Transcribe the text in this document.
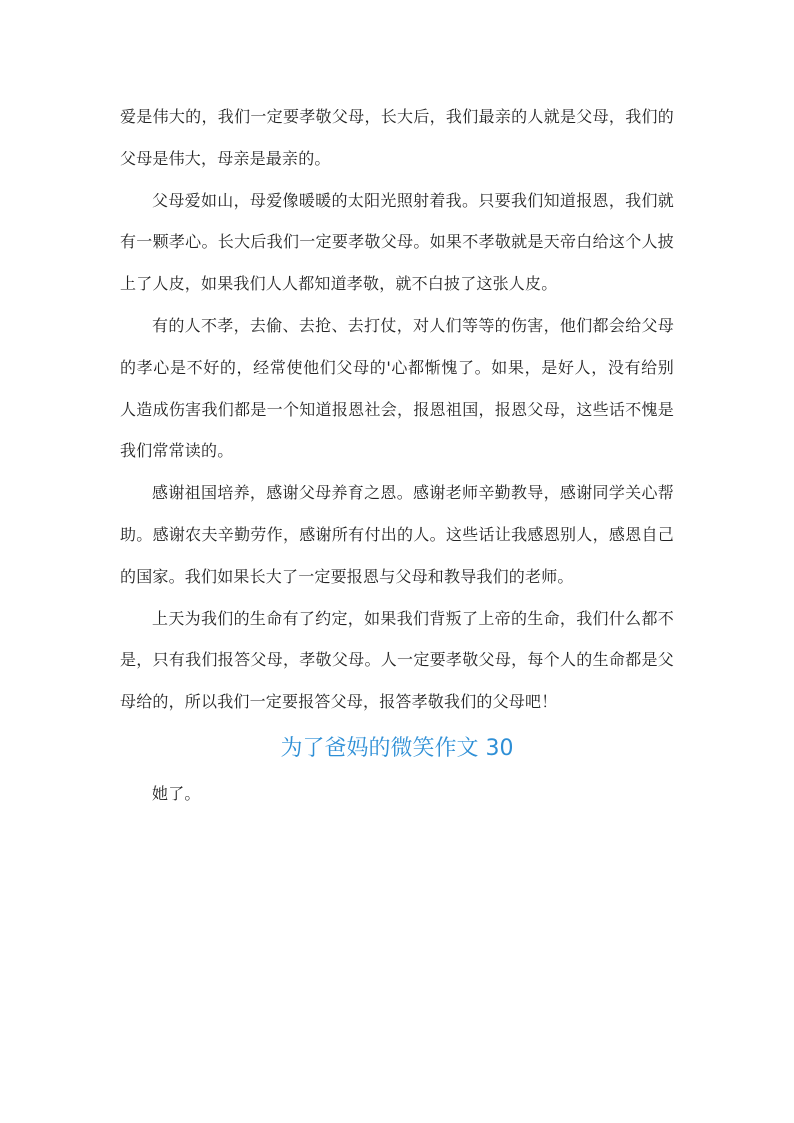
爱是伟大的，我们一定要孝敬父母，长大后，我们最亲的人就是父母，我们的父母是伟大，母亲是最亲的。

父母爱如山，母爱像暖暖的太阳光照射着我。只要我们知道报恩，我们就有一颗孝心。长大后我们一定要孝敬父母。如果不孝敬就是天帝白给这个人披上了人皮，如果我们人人都知道孝敬，就不白披了这张人皮。

有的人不孝，去偷、去抢、去打仗，对人们等等的伤害，他们都会给父母的孝心是不好的，经常使他们父母的'心都惭愧了。如果，是好人，没有给别人造成伤害我们都是一个知道报恩社会，报恩祖国，报恩父母，这些话不愧是我们常常读的。

感谢祖国培养，感谢父母养育之恩。感谢老师辛勤教导，感谢同学关心帮助。感谢农夫辛勤劳作，感谢所有付出的人。这些话让我感恩别人，感恩自己的国家。我们如果长大了一定要报恩与父母和教导我们的老师。

上天为我们的生命有了约定，如果我们背叛了上帝的生命，我们什么都不是，只有我们报答父母，孝敬父母。人一定要孝敬父母，每个人的生命都是父母给的，所以我们一定要报答父母，报答孝敬我们的父母吧！

为了爸妈的微笑作文 30

她了。
